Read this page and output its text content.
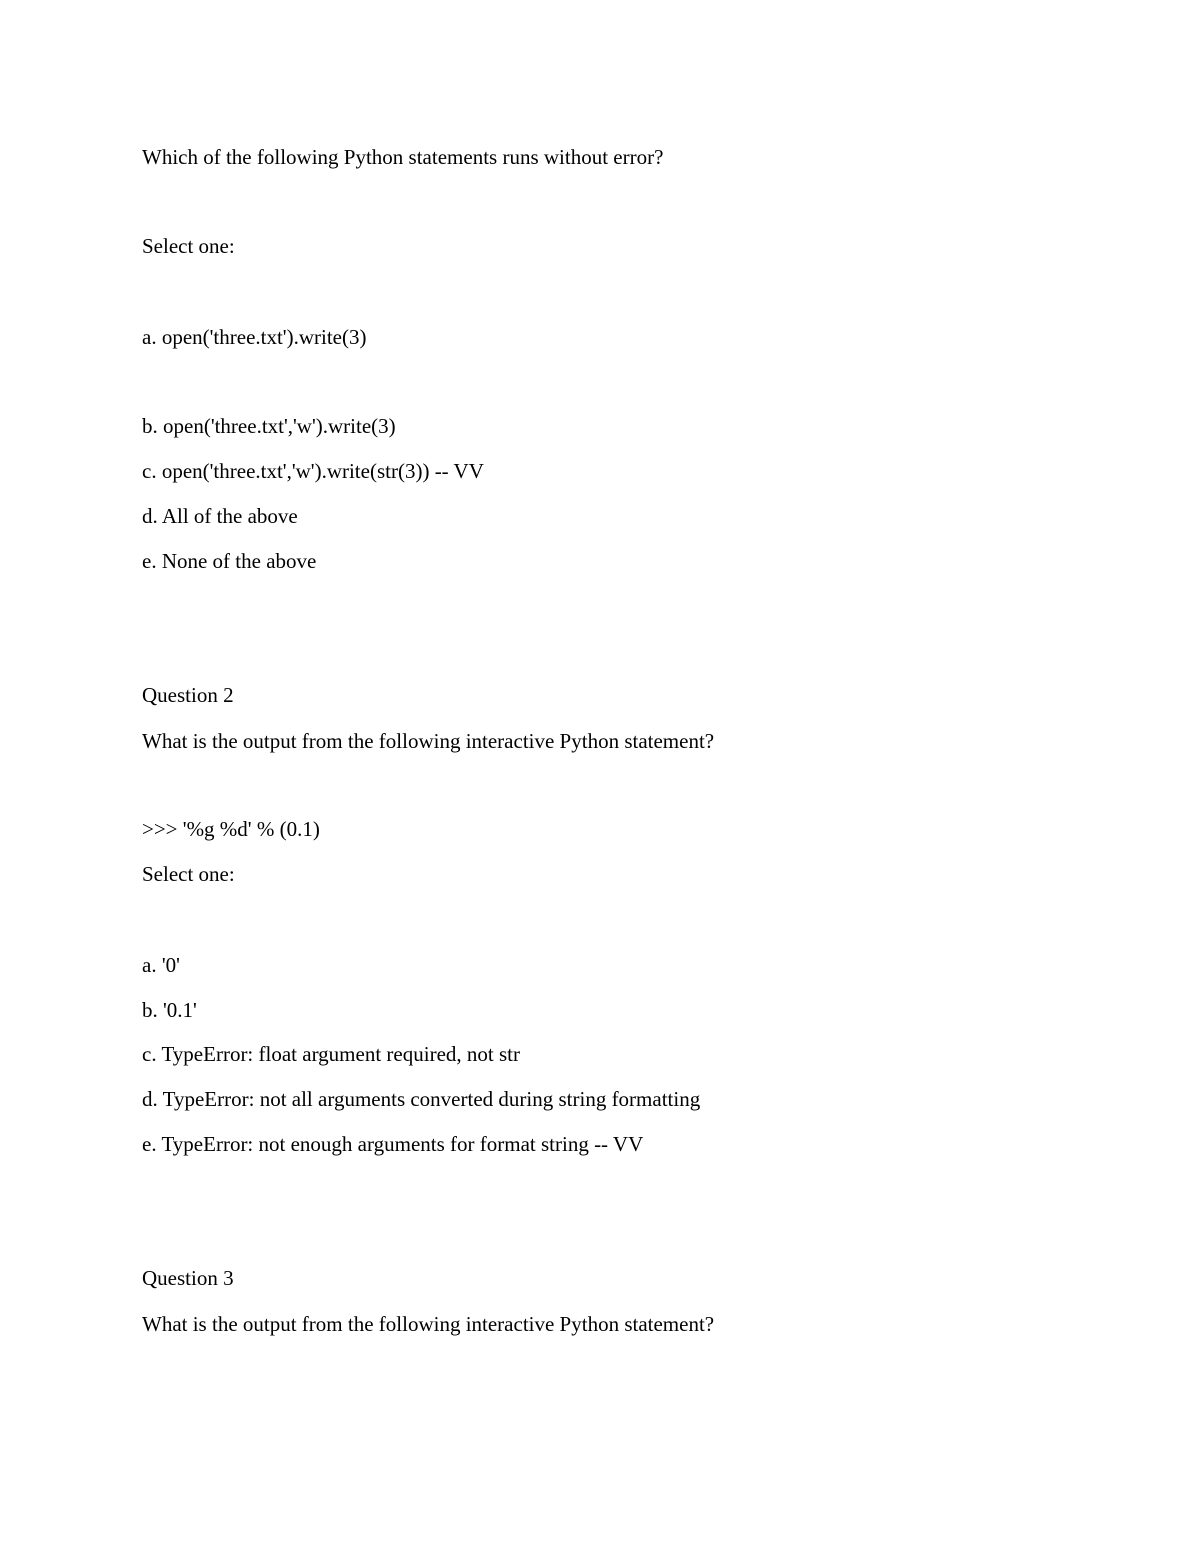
Which of the following Python statements runs without error?
Select one:
a. open('three.txt').write(3)
b. open('three.txt','w').write(3)
c. open('three.txt','w').write(str(3)) -- VV
d. All of the above
e. None of the above
Question 2
What is the output from the following interactive Python statement?
>>> '%g %d' % (0.1)
Select one:
a. '0'
b. '0.1'
c. TypeError: float argument required, not str
d. TypeError: not all arguments converted during string formatting
e. TypeError: not enough arguments for format string -- VV
Question 3
What is the output from the following interactive Python statement?
